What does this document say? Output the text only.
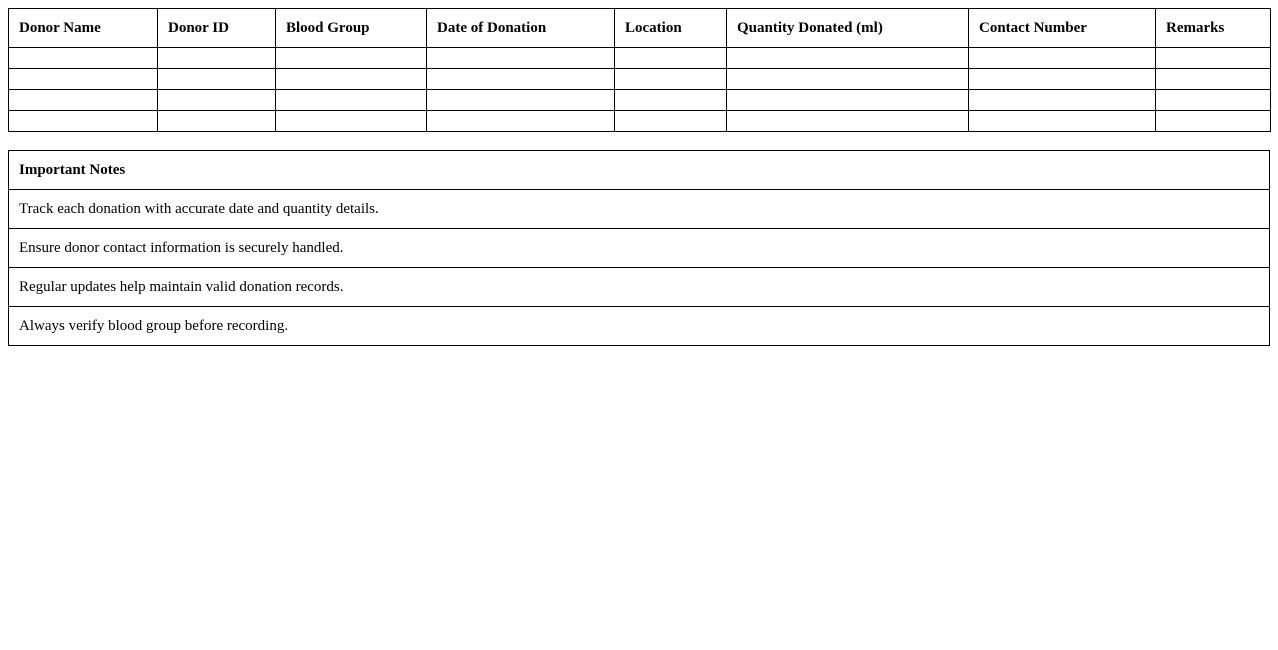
Donor Name	Donor ID	Blood Group	Date of Donation	Location	Quantity Donated (ml)	Contact Number	Remarks

Important Notes
Track each donation with accurate date and quantity details.
Ensure donor contact information is securely handled.
Regular updates help maintain valid donation records.
Always verify blood group before recording.
